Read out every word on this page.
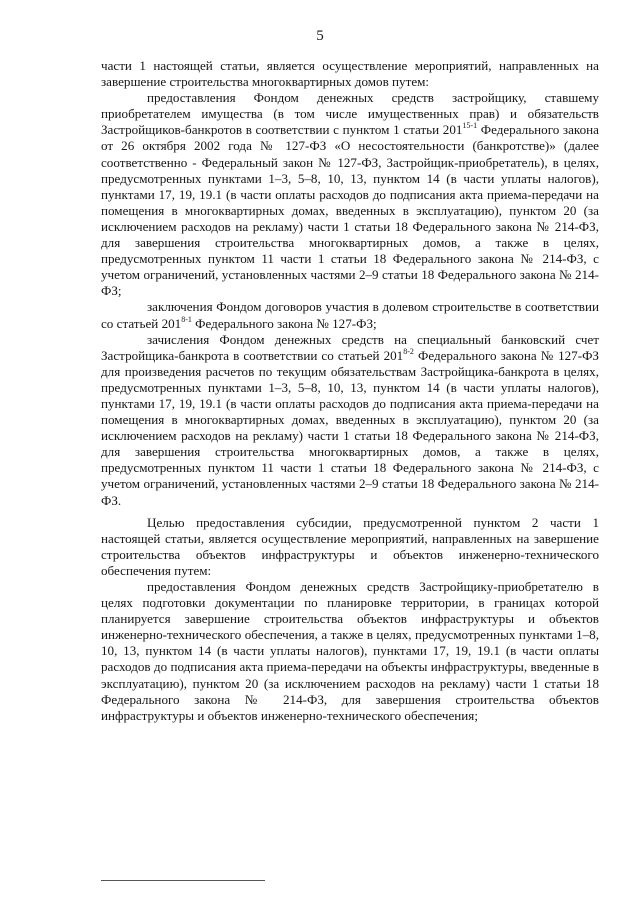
5

части 1 настоящей статьи, является осуществление мероприятий, направленных на завершение строительства многоквартирных домов путем:

предоставления Фондом денежных средств застройщику, ставшему приобретателем имущества (в том числе имущественных прав) и обязательств Застройщиков-банкротов в соответствии с пунктом 1 статьи 201$^{15-1}$ Федерального закона от 26 октября 2002 года № 127-ФЗ «О несостоятельности (банкротстве)» (далее соответственно - Федеральный закон № 127-ФЗ, Застройщик-приобретатель), в целях, предусмотренных пунктами 1–3, 5–8, 10, 13, пунктом 14 (в части уплаты налогов), пунктами 17, 19, 19.1 (в части оплаты расходов до подписания акта приема-передачи на помещения в многоквартирных домах, введенных в эксплуатацию), пунктом 20 (за исключением расходов на рекламу) части 1 статьи 18 Федерального закона № 214-ФЗ, для завершения строительства многоквартирных домов, а также в целях, предусмотренных пунктом 11 части 1 статьи 18 Федерального закона № 214-ФЗ, с учетом ограничений, установленных частями 2–9 статьи 18 Федерального закона № 214-ФЗ;

заключения Фондом договоров участия в долевом строительстве в соответствии со статьей 201$^{8-1}$ Федерального закона № 127-ФЗ;

зачисления Фондом денежных средств на специальный банковский счет Застройщика-банкрота в соответствии со статьей 201$^{8-2}$ Федерального закона № 127-ФЗ для произведения расчетов по текущим обязательствам Застройщика-банкрота в целях, предусмотренных пунктами 1–3, 5–8, 10, 13, пунктом 14 (в части уплаты налогов), пунктами 17, 19, 19.1 (в части оплаты расходов до подписания акта приема-передачи на помещения в многоквартирных домах, введенных в эксплуатацию), пунктом 20 (за исключением расходов на рекламу) части 1 статьи 18 Федерального закона № 214-ФЗ, для завершения строительства многоквартирных домов, а также в целях, предусмотренных пунктом 11 части 1 статьи 18 Федерального закона № 214-ФЗ, с учетом ограничений, установленных частями 2–9 статьи 18 Федерального закона № 214-ФЗ.

Целью предоставления субсидии, предусмотренной пунктом 2 части 1 настоящей статьи, является осуществление мероприятий, направленных на завершение строительства объектов инфраструктуры и объектов инженерно-технического обеспечения путем:

предоставления Фондом денежных средств Застройщику-приобретателю в целях подготовки документации по планировке территории, в границах которой планируется завершение строительства объектов инфраструктуры и объектов инженерно-технического обеспечения, а также в целях, предусмотренных пунктами 1–8, 10, 13, пунктом 14 (в части уплаты налогов), пунктами 17, 19, 19.1 (в части оплаты расходов до подписания акта приема-передачи на объекты инфраструктуры, введенные в эксплуатацию), пунктом 20 (за исключением расходов на рекламу) части 1 статьи 18 Федерального закона № 214-ФЗ, для завершения строительства объектов инфраструктуры и объектов инженерно-технического обеспечения;
